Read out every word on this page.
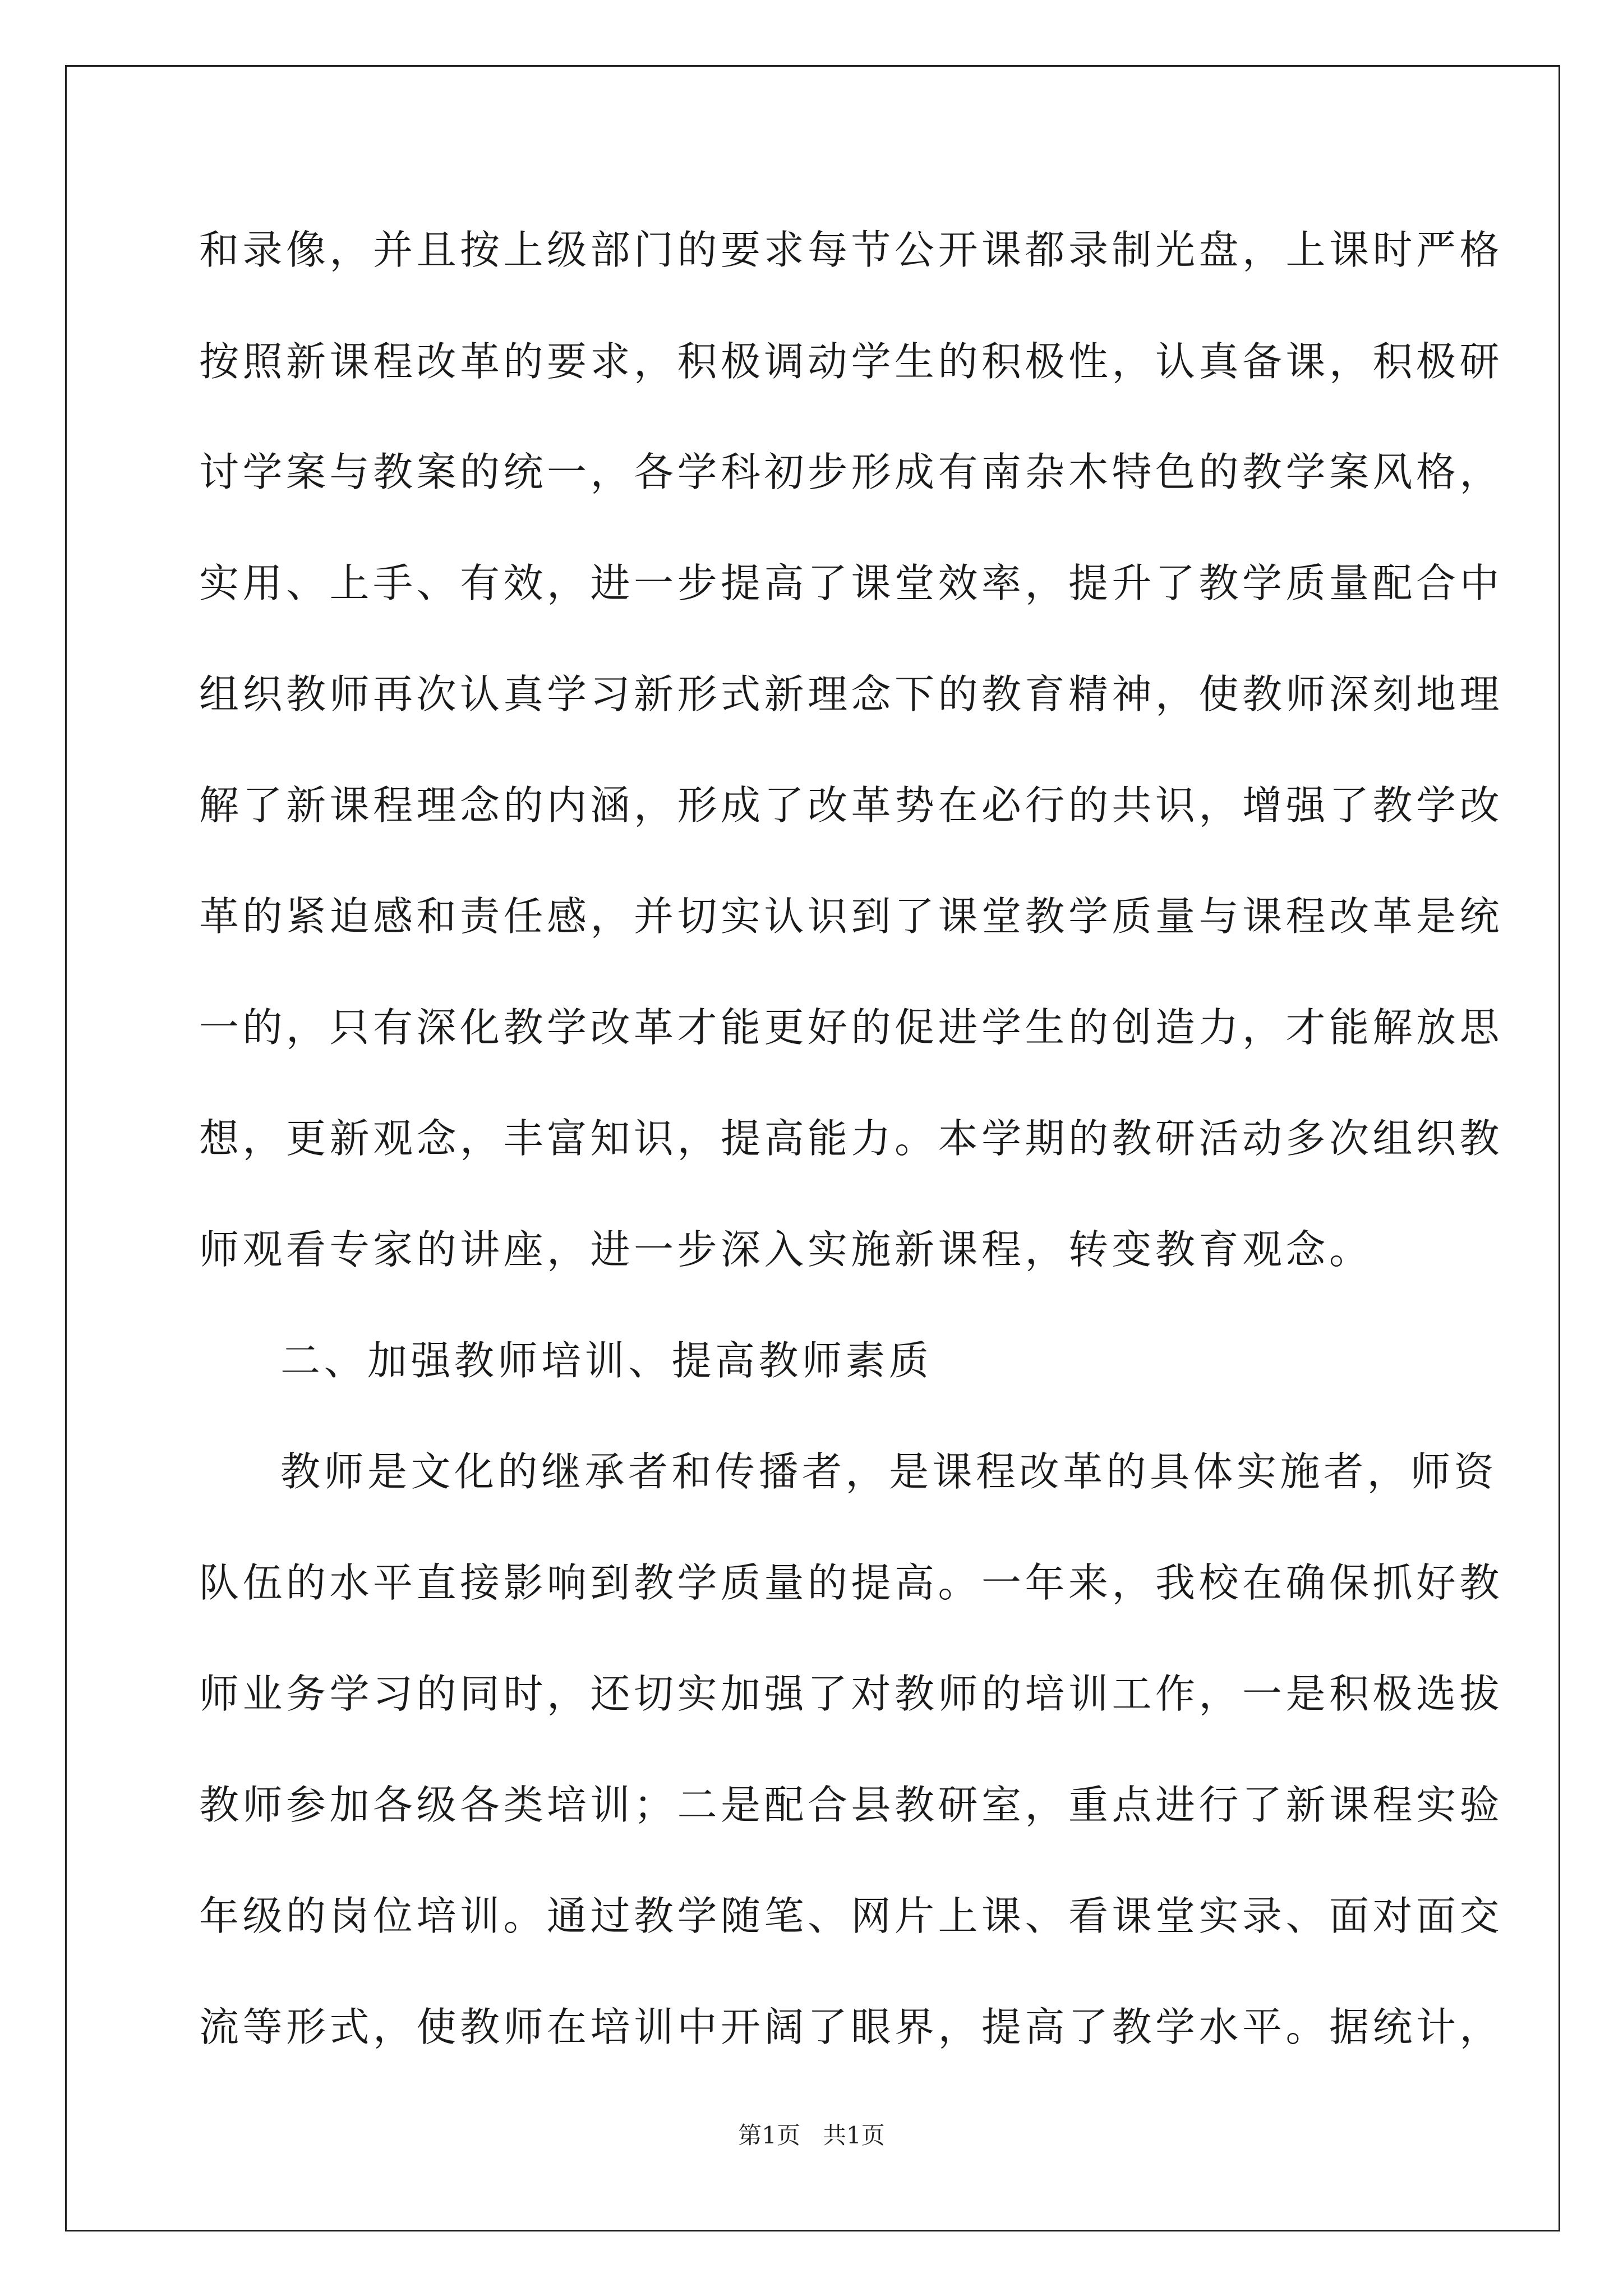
和录像，并且按上级部门的要求每节公开课都录制光盘，上课时严格

按照新课程改革的要求，积极调动学生的积极性，认真备课，积极研

讨学案与教案的统一，各学科初步形成有南杂木特色的教学案风格，

实用、上手、有效，进一步提高了课堂效率，提升了教学质量配合中

组织教师再次认真学习新形式新理念下的教育精神，使教师深刻地理

解了新课程理念的内涵，形成了改革势在必行的共识，增强了教学改

革的紧迫感和责任感，并切实认识到了课堂教学质量与课程改革是统

一的，只有深化教学改革才能更好的促进学生的创造力，才能解放思

想，更新观念，丰富知识，提高能力。本学期的教研活动多次组织教

师观看专家的讲座，进一步深入实施新课程，转变教育观念。

二、加强教师培训、提高教师素质

教师是文化的继承者和传播者，是课程改革的具体实施者，师资

队伍的水平直接影响到教学质量的提高。一年来，我校在确保抓好教

师业务学习的同时，还切实加强了对教师的培训工作，一是积极选拔

教师参加各级各类培训；二是配合县教研室，重点进行了新课程实验

年级的岗位培训。通过教学随笔、网片上课、看课堂实录、面对面交

流等形式，使教师在培训中开阔了眼界，提高了教学水平。据统计，

第1页   共1页
